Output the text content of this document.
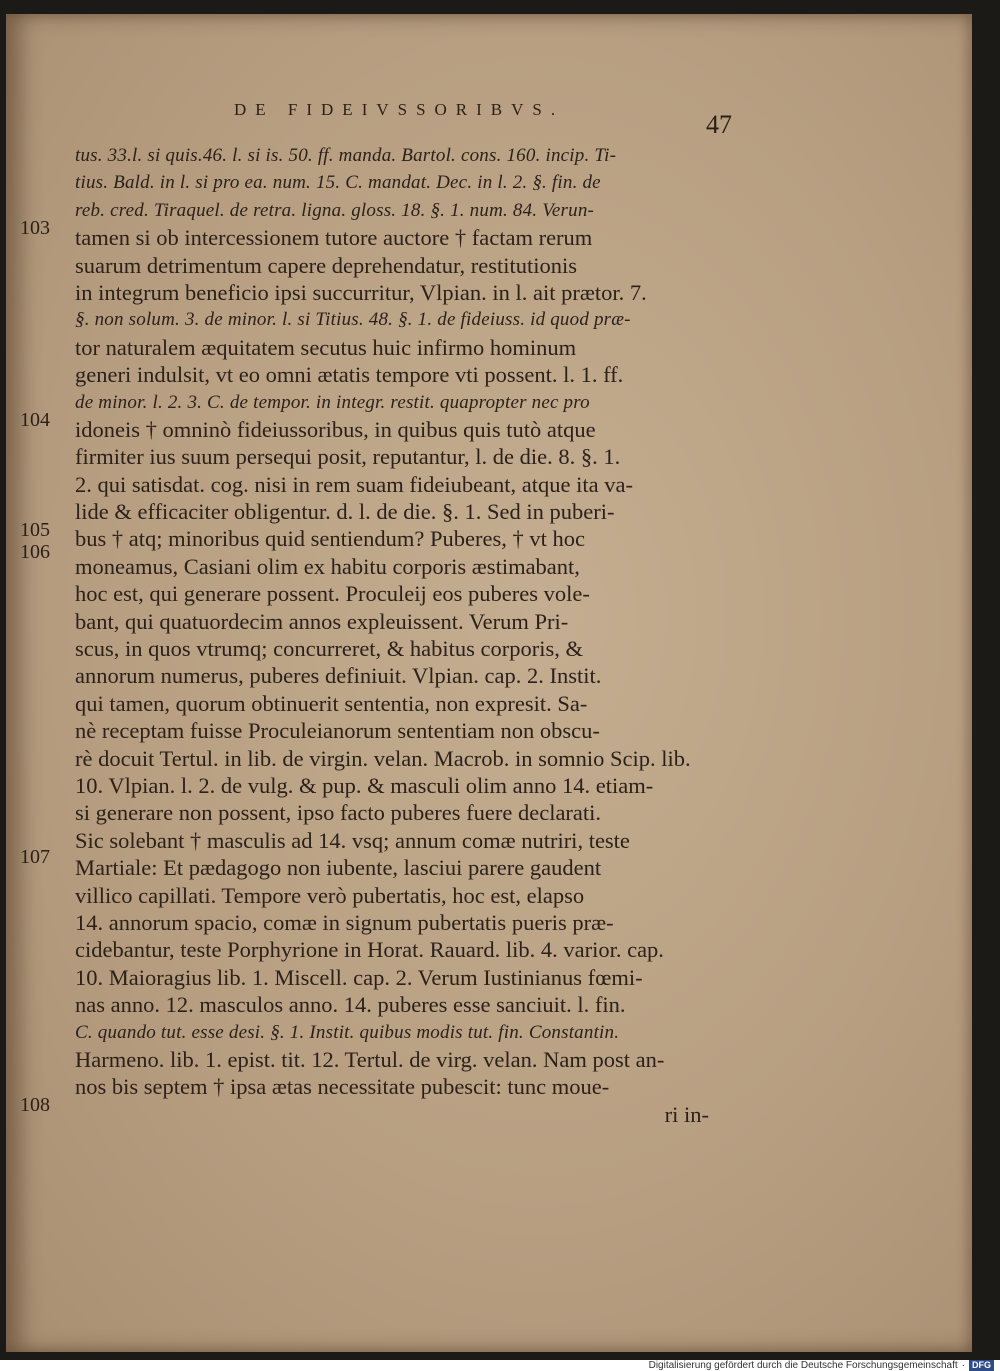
DE FIDEIVSSORIBVS.
47
103
104
105
106
107
108
tus. 33.l. si quis.46. l. si is. 50. ff. manda. Bartol. cons. 160. incip. Ti-
tius. Bald. in l. si pro ea. num. 15. C. mandat. Dec. in l. 2. §. fin. de
reb. cred. Tiraquel. de retra. ligna. gloss. 18. §. 1. num. 84. Verun-
tamen si ob intercessionem tutore auctore † factam rerum
suarum detrimentum capere deprehendatur, restitutionis
in integrum beneficio ipsi succurritur, Vlpian. in l. ait prætor. 7.
§. non solum. 3. de minor. l. si Titius. 48. §. 1. de fideiuss. id quod præ-
tor naturalem æquitatem secutus huic infirmo hominum
generi indulsit, vt eo omni ætatis tempore vti possent. l. 1. ff.
de minor. l. 2. 3. C. de tempor. in integr. restit. quapropter nec pro
idoneis † omninò fideiussoribus, in quibus quis tutò atque
firmiter ius suum persequi posit, reputantur, l. de die. 8. §. 1.
2. qui satisdat. cog. nisi in rem suam fideiubeant, atque ita va-
lide & efficaciter obligentur. d. l. de die. §. 1. Sed in puberi-
bus † atq; minoribus quid sentiendum? Puberes, † vt hoc
moneamus, Casiani olim ex habitu corporis æstimabant,
hoc est, qui generare possent. Proculeij eos puberes vole-
bant, qui quatuordecim annos expleuissent. Verum Pri-
scus, in quos vtrumq; concurreret, & habitus corporis, &
annorum numerus, puberes definiuit. Vlpian. cap. 2. Instit.
qui tamen, quorum obtinuerit sententia, non expresit. Sa-
nè receptam fuisse Proculeianorum sententiam non obscu-
rè docuit Tertul. in lib. de virgin. velan. Macrob. in somnio Scip. lib.
10. Vlpian. l. 2. de vulg. & pup. & masculi olim anno 14. etiam-
si generare non possent, ipso facto puberes fuere declarati.
Sic solebant † masculis ad 14. vsq; annum comæ nutriri, teste
Martiale: Et pædagogo non iubente, lasciui parere gaudent
villico capillati. Tempore verò pubertatis, hoc est, elapso
14. annorum spacio, comæ in signum pubertatis pueris præ-
cidebantur, teste Porphyrione in Horat. Rauard. lib. 4. varior. cap.
10. Maioragius lib. 1. Miscell. cap. 2. Verum Iustinianus fœmi-
nas anno. 12. masculos anno. 14. puberes esse sanciuit. l. fin.
C. quando tut. esse desi. §. 1. Instit. quibus modis tut. fin. Constantin.
Harmeno. lib. 1. epist. tit. 12. Tertul. de virg. velan. Nam post an-
nos bis septem † ipsa ætas necessitate pubescit: tunc moue-
ri in-
Digitalisierung gefördert durch die Deutsche Forschungsgemeinschaft · DFG
